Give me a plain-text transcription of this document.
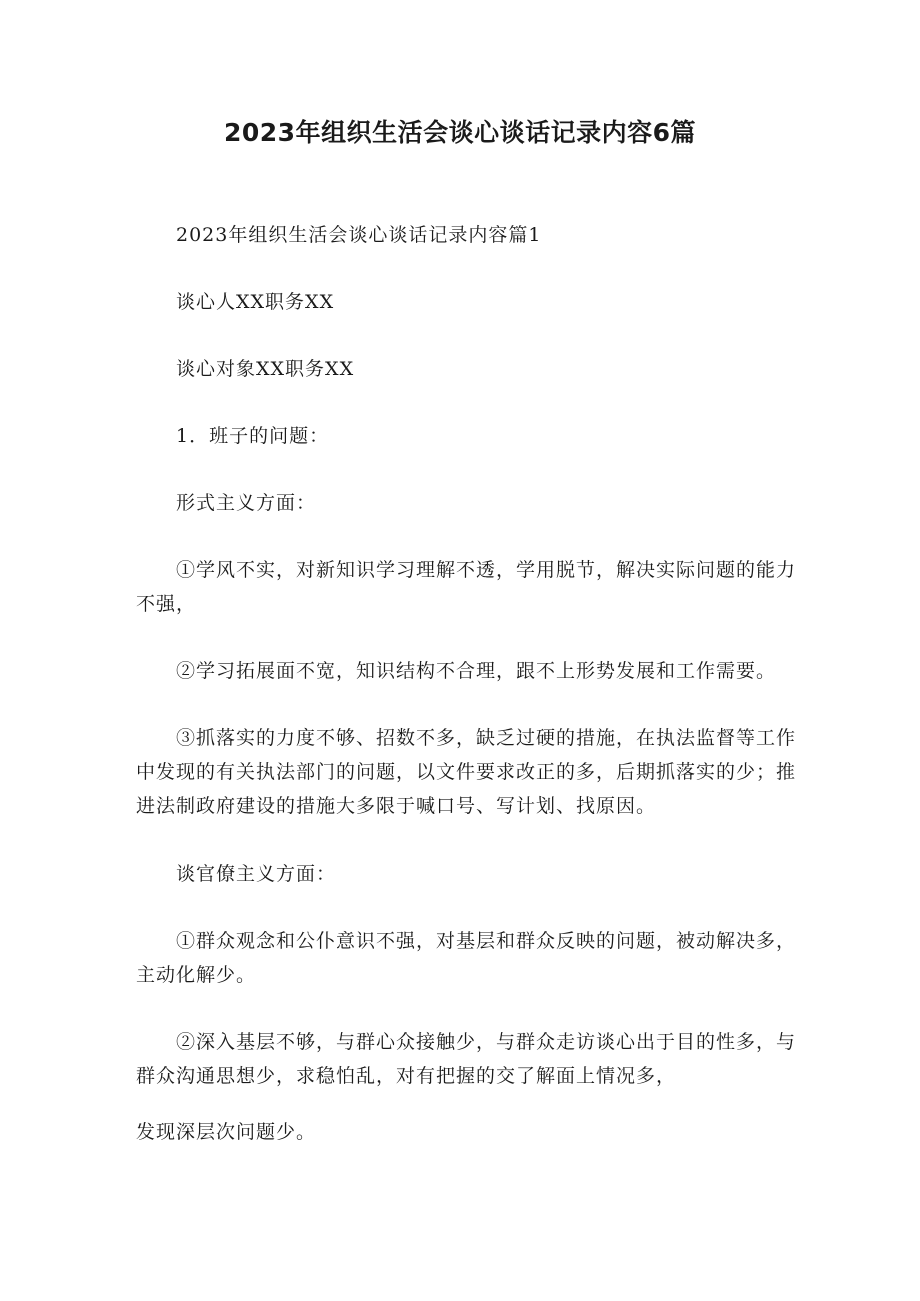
2023年组织生活会谈心谈话记录内容6篇
2023年组织生活会谈心谈话记录内容篇1
谈心人XX职务XX
谈心对象XX职务XX
1．班子的问题：
形式主义方面：
①学风不实，对新知识学习理解不透，学用脱节，解决实际问题的能力不强，
②学习拓展面不宽，知识结构不合理，跟不上形势发展和工作需要。
③抓落实的力度不够、招数不多，缺乏过硬的措施，在执法监督等工作中发现的有关执法部门的问题，以文件要求改正的多，后期抓落实的少；推进法制政府建设的措施大多限于喊口号、写计划、找原因。
谈官僚主义方面：
①群众观念和公仆意识不强，对基层和群众反映的问题，被动解决多，主动化解少。
②深入基层不够，与群心众接触少，与群众走访谈心出于目的性多，与群众沟通思想少，求稳怕乱，对有把握的交了解面上情况多，
发现深层次问题少。
